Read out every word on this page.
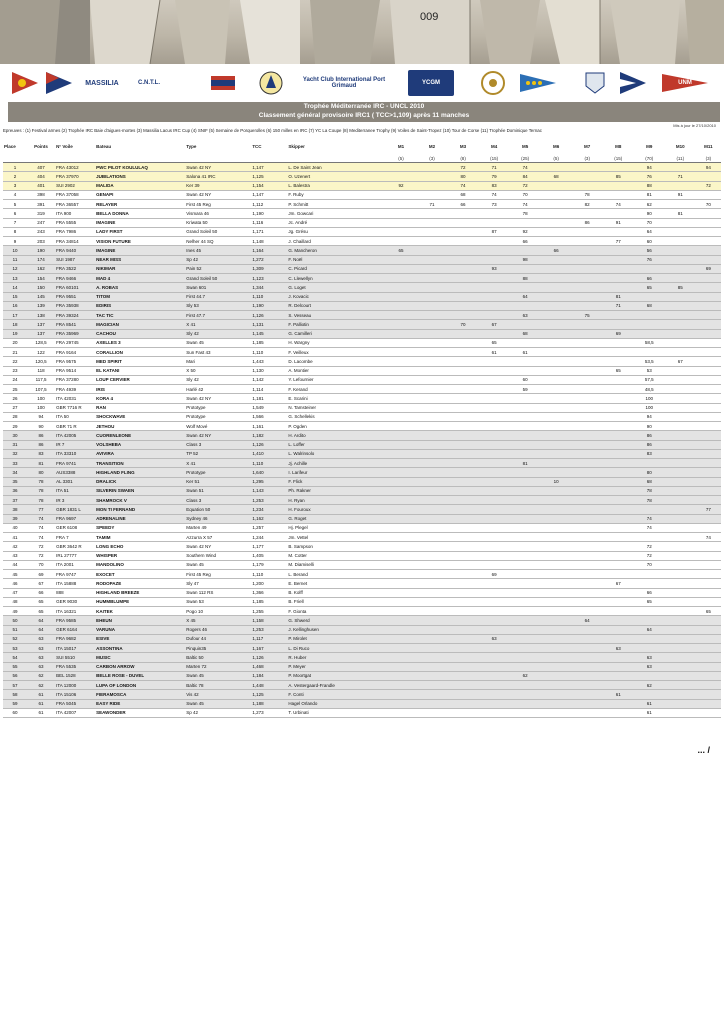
009
MASSILIA	C.N.T.L.	Yacht Club International Port Grimaud	YCGM	UNM
Trophée Méditerranée IRC - UNCL 2010
Classement général provisoire IRC1 ( TCC>1,109) après 11 manches
Mis à jour le 27/10/2010
Epreuves : (1) Festival armes (2) Trophée IRC Baie d'aigues-mortes (3) Massilia Lacus IRC Cup (4) SNIF (5) Semaine de Porquerolles (6) 150 milles en IRC (7) YC La Coupe (8) Mediterranee Trophy (9) Voiles de Saint-Tropez (10) Tour de Corse (11) Trophée Dominique Ternac
Place	Points	N° Voile	Bateau	Type	TCC	Skipper	M1	M2	M3	M4	M5	M6	M7	M8	M9	M10	M11
							(5)	(3)	(8)	(15)	(25)	(5)	(3)	(15)	(70)	(11)	(3)
1	407	FRA 43012	PWC PILOT KOULULAQ	Swan 42 NY	1,147	L. De Saint Jean			72	71	74				94		94
2	404	FRA 37970	JUBILATIONS	Salona 41 IRC	1,125	O. Uzenert			80	79	84	68		85	76	71	
3	401	SUI 2902	MALIDA	Ker 39	1,154	L. Balestra	92		74	83	72				88		72
4	398	FRA 37058	GENAPI	Swan 42 NY	1,147	F. Ruby			68	74	70		78		81	91	
5	391	FRA 36557	RELAYER	First 45 Reg	1,112	P. Schmitt		71	66	73	74		82	74	62		70
6	319	ITA 900	BELLA DONNA	Vismara 46	1,190	Jm. Gowcari					78				90	81	
7	247	FRA 5555	IMAGINE	Kriwata 50	1,116	Jc. André							86	91	70		
8	243	FRA 7986	LADY FIRST	Grand Soleil 50	1,171	Jg. Grésu				87	92				64		
9	203	FRA 34814	VISION FUTURE	Nelher 44 SQ	1,148	J. Chaillard					66			77	60		
10	190	FRA 9440	IMAGINE	Ines 45	1,164	G. Mancheron	65					66			56		
11	174	SUI 1987	NEAR MISS	Sp 42	1,272	F. Noël					98				76		
12	162	FRA 3522	NIKIMAR	Pain 52	1,309	C. Picard				93							69
13	154	FRA 9466	MAD 4	Grand Soleil 50	1,123	C. Llewellyn					88				66		
14	150	FRA 60101	A. ROBAS	Swan 601	1,344	G. Loget									65	85	
15	145	FRA 9551	TITOM	First 44.7	1,110	J. Kovacic					64			81			
16	139	FRA 35938	EDIRIS	Sly 53	1,190	R. Delcourt								71	68		
17	138	FRA 39324	TAC TIC	First 47.7	1,126	S. Vesseau					63		75				
18	137	FRA 8541	MAGICIAN	X 41	1,131	F. Palliotin			70	67							
19	137	FRA 35969	CACHOU	Sly 42	1,145	G. Camilleri					68			69			
20	128,5	FRA 29745	AXELLES 3	Swan 45	1,185	H. Wargny				65					58,5		
21	122	FRA 9164	CORALLION	Sun Fast 43	1,110	F. Veilleux				61	61						
22	120,5	FRA 9575	MED SPIRIT	Mari	1,443	D. Lacombe									53,5	67	
23	118	FRA 9514	EL KATANI	X 50	1,130	A. Montier								65	53		
24	117,5	FRA 37280	LOUP CERVIER	Sly 42	1,142	Y. Lefournier					60				57,5		
25	107,5	FRA 4939	IRIS	Harlé 42	1,114	F. Kerand					59				48,5		
26	100	ITA 42031	KORA 4	Swan 42 NY	1,181	E. Scarini									100		
27	100	GBR 7716 R	RAN	Prototype	1,549	N. Tamsteiner									100		
28	94	ITA 50	SHOCKWAVE	Prototype	1,566	G. Schellekis									94		
29	90	GBR 71 R	JETHOU	Wolf Mové	1,161	P. Ogden									90		
30	86	ITA 42005	CUORENLEONE	Swan 42 NY	1,182	H. Ardito									86		
31	86	IR 7	VOLSHEBA	Class 3	1,126	L. Loffer									86		
32	83	ITA 33310	AVIVIRA	TP 52	1,410	L. Walrinsolo									83		
33	81	FRA 9741	TRANSITION	X 41	1,110	Jj. Achille					81						
34	80	AUS3388	HIGHLAND FLING	Prototype	1,640	I. Larifeur									80		
35	78	AL 3301	DRALICK	Ker 51	1,295	F. Flick						10			68		
36	78	ITA 51	SILVERIN SWAEN	Swan 51	1,143	Ph. Rakner									78		
37	78	IR 3	SHAMROCK V	Class 3	1,253	H. Ryan									78		
38	77	GBR 1831 L	MON TI FERNAND	Equation 50	1,234	H. Fouroux											77
39	74	FRA 9697	ADRENALINE	Sydney 46	1,162	G. Roget									74		
40	74	GER 6108	SPEEDY	Marten 49	1,257	Hj. Plegel									74		
41	74	FRA 7	TAMIM	Azzurra X 57	1,244	Jm. Vettel											74
42	72	GBR 3642 R	LONG ECHO	Swan 42 NY	1,177	B. Sampson									72		
43	72	IRL 27777	WHISPER	Southern Wind	1,405	M. Cotter									72		
44	70	ITA 2001	MANDOLINO	Swan 45	1,179	M. Diamiselli									70		
45	69	FRA 9747	EXOCET	First 45 Reg	1,110	L. Berand				69							
46	67	ITA 15888	RODOPAZE	Sly 47	1,200	E. Bernet								67			
47	66	888	HIGHLAND BREEZE	Swan 112 RS	1,366	B. Kolff									66		
48	65	GER 9030	HUMMBLUMPE	Swan 53	1,185	B. Friell									65		
49	65	ITA 16321	KAITEK	Pogo 10	1,255	F. Gionta											65
50	64	FRA 9585	EHEUN	X 45	1,158	G. Shwerd							64				
51	64	GER 6164	VARUNA	Rogers 46	1,253	J. Kellinghusen									64		
52	63	FRA 9682	ESIVE	Dufour 44	1,117	P. Mirolet				63							
53	63	ITA 15017	ASSONTINA	Pinquin35	1,167	L. Di Ruco								63			
54	63	SUI 5510	MUSIC	Baltic 50	1,126	R. Huber									63		
55	63	FRA 5535	CARBON ARROW	Marten 72	1,468	P. Meyer									63		
56	62	BEL 1528	BELLE ROSE - DUVEL	Swan 45	1,184	P. Moortgat					62						
57	62	ITA 12000	LUPA OF LONDON	Baltic 78	1,448	A. Vestergaard-Frandle									62		
58	61	ITA 15106	FIERAMOSCA	Vis 42	1,125	F. Conti								61			
59	61	FRA 5045	EASY RIDE	Swan 45	1,188	Hagel Orlando									61		
60	61	ITA 42007	SEAWONDER	Sp 42	1,273	T. Urbinati									61		
... /
